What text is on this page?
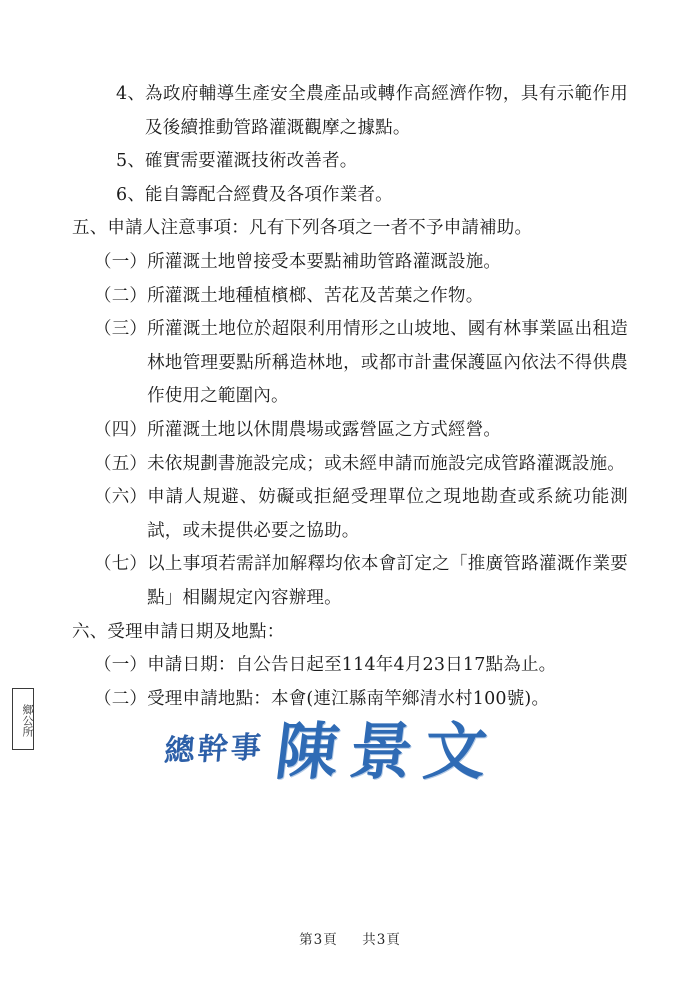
4、 為政府輔導生產安全農產品或轉作高經濟作物，具有示範作用及後續推動管路灌溉觀摩之據點。
5、 確實需要灌溉技術改善者。
6、 能自籌配合經費及各項作業者。
五、 申請人注意事項：凡有下列各項之一者不予申請補助。
（一） 所灌溉土地曾接受本要點補助管路灌溉設施。
（二） 所灌溉土地種植檳榔、苦花及苦葉之作物。
（三） 所灌溉土地位於超限利用情形之山坡地、國有林事業區出租造林地管理要點所稱造林地，或都市計畫保護區內依法不得供農作使用之範圍內。
（四） 所灌溉土地以休閒農場或露營區之方式經營。
（五） 未依規劃書施設完成；或未經申請而施設完成管路灌溉設施。
（六） 申請人規避、妨礙或拒絕受理單位之現地勘查或系統功能測試，或未提供必要之協助。
（七） 以上事項若需詳加解釋均依本會訂定之「推廣管路灌溉作業要點」相關規定內容辦理。
六、 受理申請日期及地點：
（一） 申請日期：自公告日起至114年4月23日17點為止。
（二） 受理申請地點：本會(連江縣南竿鄉清水村100號)。
鄉公所
總幹事 陳景文
第3頁 共3頁
